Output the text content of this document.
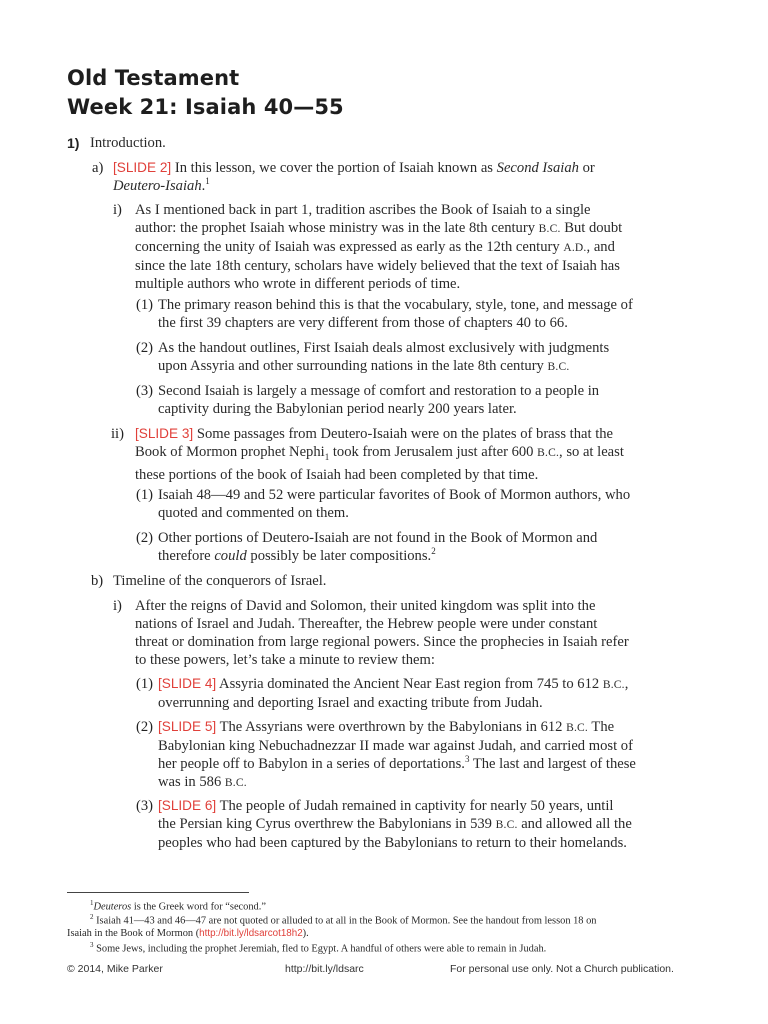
Old Testament
Week 21: Isaiah 40—55
1) Introduction.
a) [SLIDE 2] In this lesson, we cover the portion of Isaiah known as Second Isaiah or
Deutero-Isaiah.$^1$
i) As I mentioned back in part 1, tradition ascribes the Book of Isaiah to a single
author: the prophet Isaiah whose ministry was in the late 8th century B.C. But doubt
concerning the unity of Isaiah was expressed as early as the 12th century A.D., and
since the late 18th century, scholars have widely believed that the text of Isaiah has
multiple authors who wrote in different periods of time.
(1) The primary reason behind this is that the vocabulary, style, tone, and message of
the first 39 chapters are very different from those of chapters 40 to 66.
(2) As the handout outlines, First Isaiah deals almost exclusively with judgments
upon Assyria and other surrounding nations in the late 8th century B.C.
(3) Second Isaiah is largely a message of comfort and restoration to a people in
captivity during the Babylonian period nearly 200 years later.
ii) [SLIDE 3] Some passages from Deutero-Isaiah were on the plates of brass that the
Book of Mormon prophet Nephi$_1$ took from Jerusalem just after 600 B.C., so at least
these portions of the book of Isaiah had been completed by that time.
(1) Isaiah 48—49 and 52 were particular favorites of Book of Mormon authors, who
quoted and commented on them.
(2) Other portions of Deutero-Isaiah are not found in the Book of Mormon and
therefore could possibly be later compositions.$^2$
b) Timeline of the conquerors of Israel.
i) After the reigns of David and Solomon, their united kingdom was split into the
nations of Israel and Judah. Thereafter, the Hebrew people were under constant
threat or domination from large regional powers. Since the prophecies in Isaiah refer
to these powers, let’s take a minute to review them:
(1) [SLIDE 4] Assyria dominated the Ancient Near East region from 745 to 612 B.C.,
overrunning and deporting Israel and exacting tribute from Judah.
(2) [SLIDE 5] The Assyrians were overthrown by the Babylonians in 612 B.C. The
Babylonian king Nebuchadnezzar II made war against Judah, and carried most of
her people off to Babylon in a series of deportations.$^3$ The last and largest of these
was in 586 B.C.
(3) [SLIDE 6] The people of Judah remained in captivity for nearly 50 years, until
the Persian king Cyrus overthrew the Babylonians in 539 B.C. and allowed all the
peoples who had been captured by the Babylonians to return to their homelands.
$^1$Deuteros is the Greek word for “second.”
$^2$ Isaiah 41—43 and 46—47 are not quoted or alluded to at all in the Book of Mormon. See the handout from lesson 18 on
Isaiah in the Book of Mormon (http://bit.ly/ldsarcot18h2).
$^3$ Some Jews, including the prophet Jeremiah, fled to Egypt. A handful of others were able to remain in Judah.
© 2014, Mike Parker	http://bit.ly/ldsarc	For personal use only. Not a Church publication.
